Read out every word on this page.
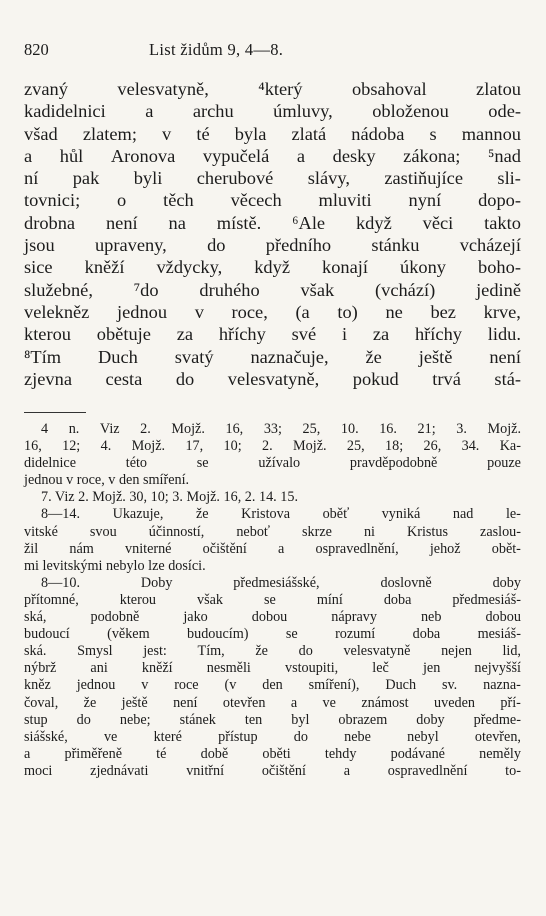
820	List židům 9, 4—8.
zvaný	velesvatyně,	⁴který	obsahoval	zlatou
kadidelnici a archu úmluvy, obloženou ode-
všad zlatem; v té byla zlatá nádoba s mannou
a hůl Aronova vypučelá a desky zákona; ⁵nad
ní pak byli cherubové slávy, zastiňujíce sli-
tovnici; o těch věcech mluviti nyní dopo-
drobna není na místě. ⁶Ale když věci takto
jsou upraveny, do předního stánku vcházejí
sice kněží vždycky, když konají úkony boho-
služebné, ⁷do druhého však (vchází) jedině
velekněz jednou v roce, (a to) ne bez krve,
kterou obětuje za hříchy své i za hříchy lidu.
⁸Tím Duch svatý naznačuje, že ještě není
zjevna cesta do velesvatyně, pokud trvá stá-
4 n. Viz 2. Mojž. 16, 33; 25, 10. 16. 21; 3. Mojž.
16, 12; 4. Mojž. 17, 10; 2. Mojž. 25, 18; 26, 34. Ka-
didelnice	této	se	užívalo	pravděpodobně	pouze
jednou v roce, v den smíření.
7. Viz 2. Mojž. 30, 10; 3. Mojž. 16, 2. 14. 15.
8—14. Ukazuje, že Kristova oběť vyniká nad le-
vitské svou účinností, neboť skrze ni Kristus zaslou-
žil nám vniterné očištění a ospravedlnění, jehož obět-
mi levitskými nebylo lze dosíci.
8—10.	Doby	předmesiášské,	doslovně	doby
přítomné,	kterou	však	se	míní	doba	předmesiáš-
ská,	podobně	jako	dobou	nápravy	neb	dobou
budoucí	(věkem	budoucím)	se	rozumí	doba	mesiáš-
ská. Smysl jest: Tím, že do velesvatyně nejen lid,
nýbrž ani kněží nesměli vstoupiti, leč jen nejvyšší
kněz jednou v roce (v den smíření), Duch sv. nazna-
čoval, že ještě není otevřen a ve známost uveden pří-
stup do nebe; stánek ten byl obrazem doby předme-
siášské,	ve	které	přístup	do	nebe	nebyl	otevřen,
a přiměřeně té době oběti tehdy podávané neměly
moci	zjednávati	vnitřní	očištění	a	ospravedlnění	to-
